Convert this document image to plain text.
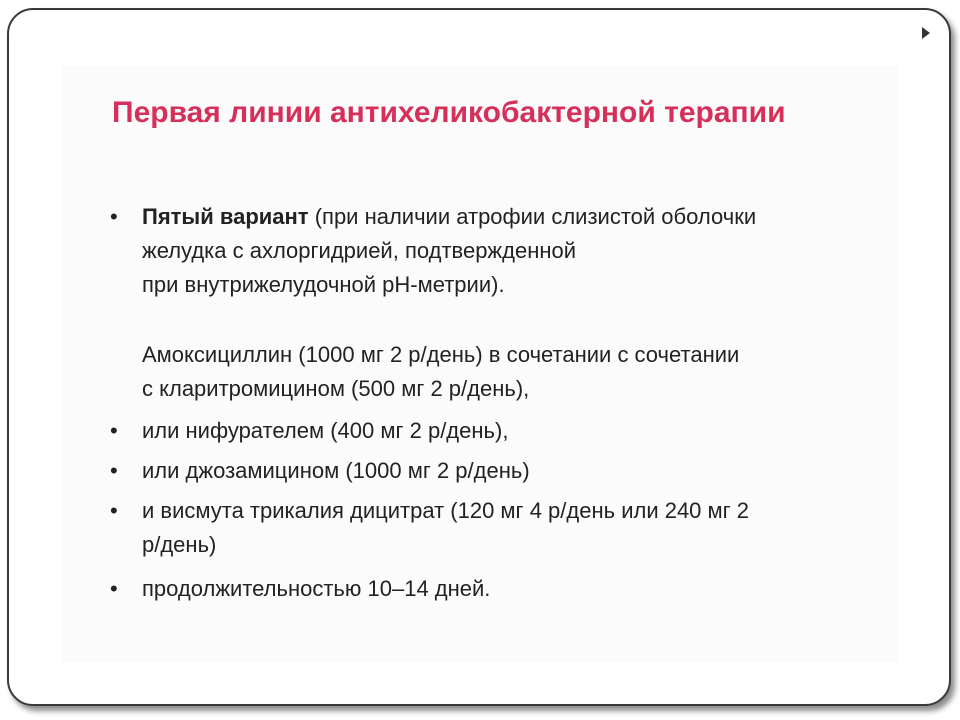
Первая линии антихеликобактерной терапии
• Пятый вариант (при наличии атрофии слизистой оболочки
желудка с ахлоргидрией, подтвержденной
при внутрижелудочной рН-метрии).
Амоксициллин (1000 мг 2 р/день) в сочетании с сочетании
с кларитромицином (500 мг 2 р/день),
• или нифурателем (400 мг 2 р/день),
• или джозамицином (1000 мг 2 р/день)
• и висмута трикалия дицитрат (120 мг 4 р/день или 240 мг 2
р/день)
• продолжительностью 10–14 дней.
